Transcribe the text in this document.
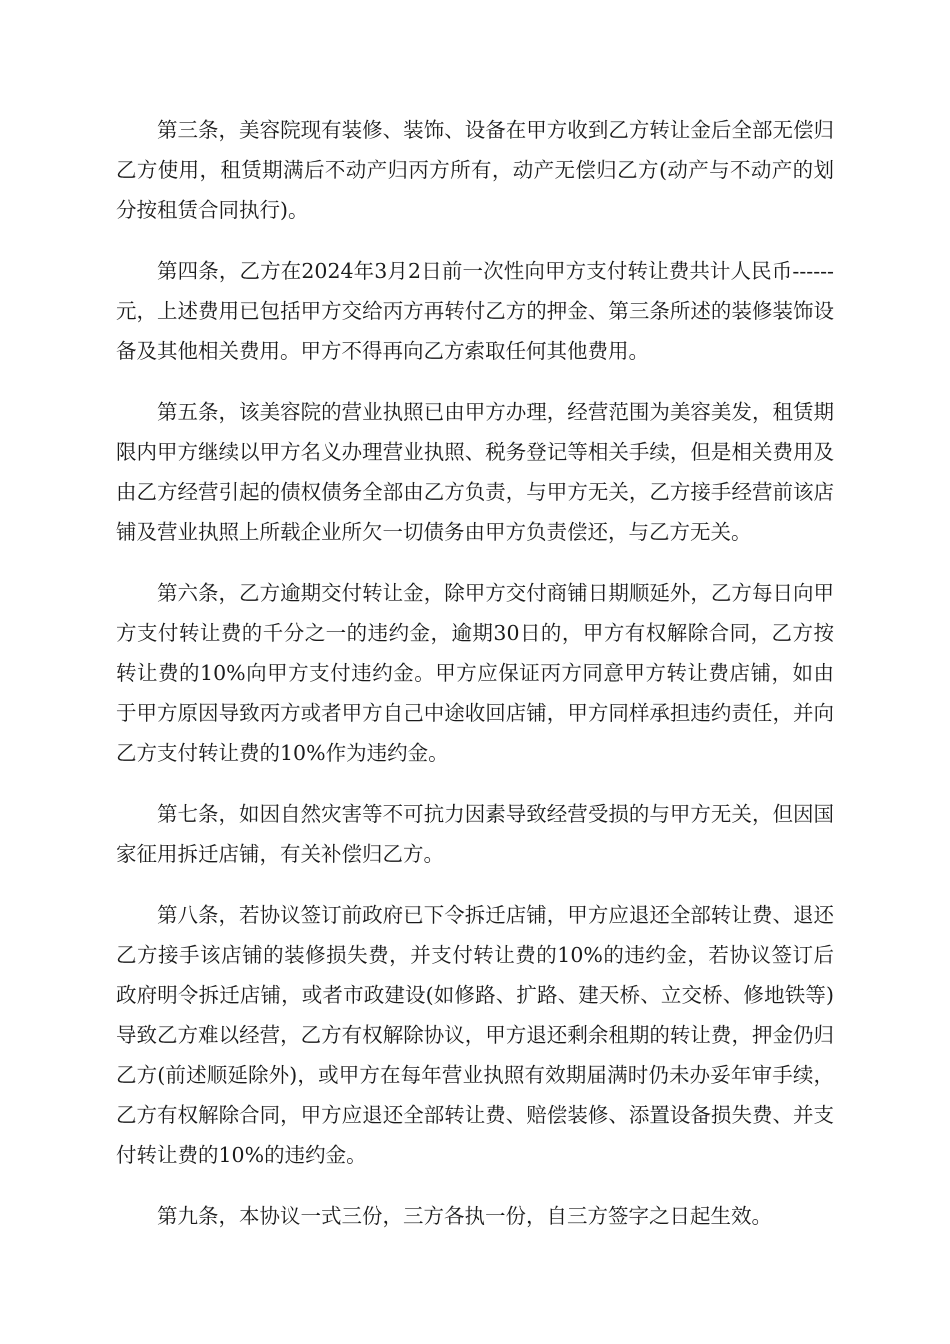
第三条，美容院现有装修、装饰、设备在甲方收到乙方转让金后全部无偿归乙方使用，租赁期满后不动产归丙方所有，动产无偿归乙方(动产与不动产的划分按租赁合同执行)。

第四条，乙方在2024年3月2日前一次性向甲方支付转让费共计人民币------元，上述费用已包括甲方交给丙方再转付乙方的押金、第三条所述的装修装饰设备及其他相关费用。甲方不得再向乙方索取任何其他费用。

第五条，该美容院的营业执照已由甲方办理，经营范围为美容美发，租赁期限内甲方继续以甲方名义办理营业执照、税务登记等相关手续，但是相关费用及由乙方经营引起的债权债务全部由乙方负责，与甲方无关，乙方接手经营前该店铺及营业执照上所载企业所欠一切债务由甲方负责偿还，与乙方无关。

第六条，乙方逾期交付转让金，除甲方交付商铺日期顺延外，乙方每日向甲方支付转让费的千分之一的违约金，逾期30日的，甲方有权解除合同，乙方按转让费的10%向甲方支付违约金。甲方应保证丙方同意甲方转让费店铺，如由于甲方原因导致丙方或者甲方自己中途收回店铺，甲方同样承担违约责任，并向乙方支付转让费的10%作为违约金。

第七条，如因自然灾害等不可抗力因素导致经营受损的与甲方无关，但因国家征用拆迁店铺，有关补偿归乙方。

第八条，若协议签订前政府已下令拆迁店铺，甲方应退还全部转让费、退还乙方接手该店铺的装修损失费，并支付转让费的10%的违约金，若协议签订后政府明令拆迁店铺，或者市政建设(如修路、扩路、建天桥、立交桥、修地铁等)导致乙方难以经营，乙方有权解除协议，甲方退还剩余租期的转让费，押金仍归乙方(前述顺延除外)，或甲方在每年营业执照有效期届满时仍未办妥年审手续，乙方有权解除合同，甲方应退还全部转让费、赔偿装修、添置设备损失费、并支付转让费的10%的违约金。

第九条，本协议一式三份，三方各执一份，自三方签字之日起生效。
